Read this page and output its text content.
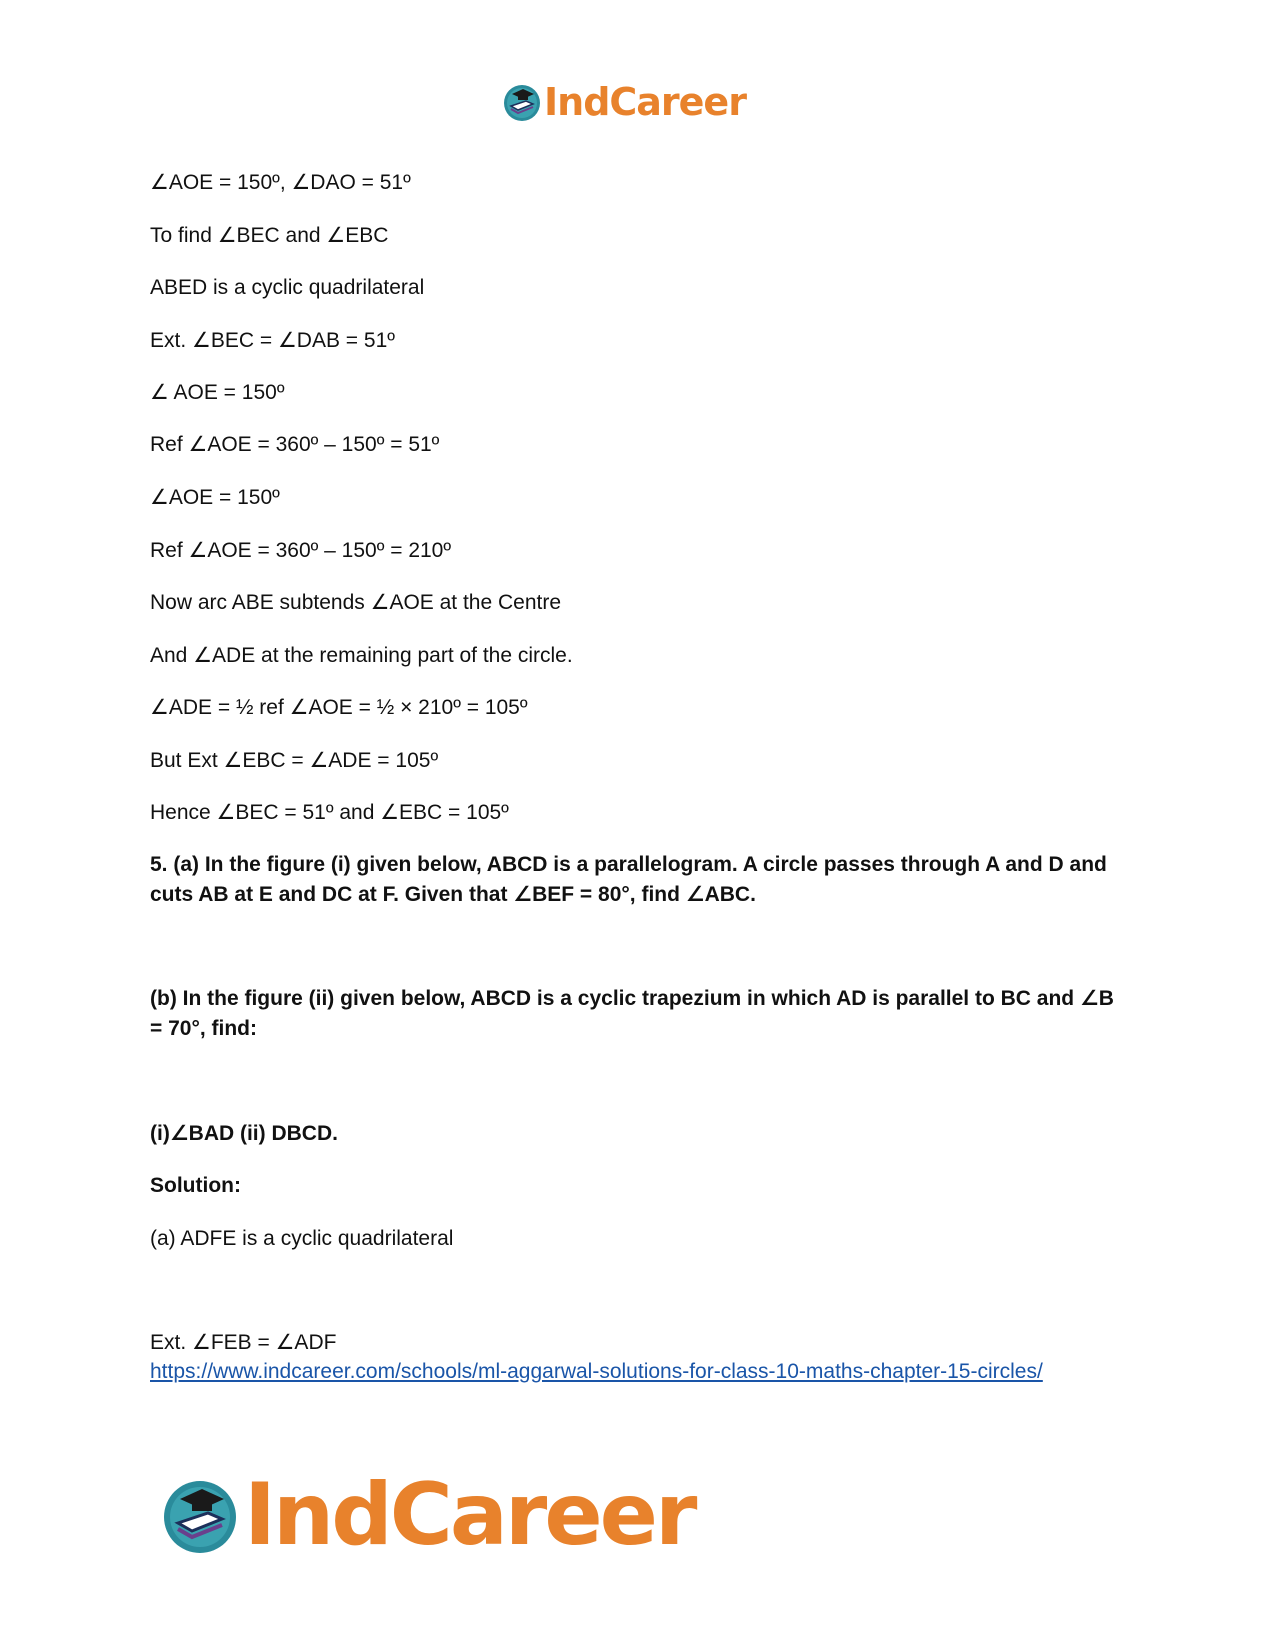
IndCareer
∠AOE = 150º, ∠DAO = 51º
To find ∠BEC and ∠EBC
ABED is a cyclic quadrilateral
Ext. ∠BEC = ∠DAB = 51º
∠ AOE = 150º
Ref ∠AOE = 360º – 150º = 51º
∠AOE = 150º
Ref ∠AOE = 360º – 150º = 210º
Now arc ABE subtends ∠AOE at the Centre
And ∠ADE at the remaining part of the circle.
∠ADE = ½ ref ∠AOE = ½ × 210º = 105º
But Ext ∠EBC = ∠ADE = 105º
Hence ∠BEC = 51º and ∠EBC = 105º
5. (a) In the figure (i) given below, ABCD is a parallelogram. A circle passes through A and D and cuts AB at E and DC at F. Given that ∠BEF = 80°, find ∠ABC.
(b) In the figure (ii) given below, ABCD is a cyclic trapezium in which AD is parallel to BC and ∠B = 70°, find:
(i)∠BAD (ii) DBCD.
Solution:
(a) ADFE is a cyclic quadrilateral
Ext. ∠FEB = ∠ADF
https://www.indcareer.com/schools/ml-aggarwal-solutions-for-class-10-maths-chapter-15-circles/
IndCareer
